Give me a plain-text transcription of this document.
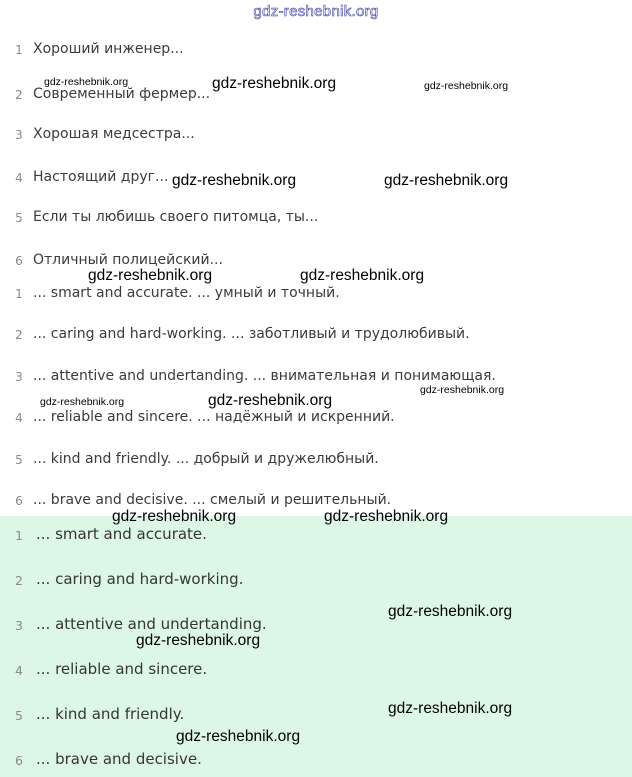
gdz-reshebnik.org
1 Хороший инженер...
2 Современный фермер...
3 Хорошая медсестра...
4 Настоящий друг...
5 Если ты любишь своего питомца, ты...
6 Отличный полицейский...
1 ... smart and accurate. ... умный и точный.
2 ... caring and hard-working. ... заботливый и трудолюбивый.
3 ... attentive and undertanding. ... внимательная и понимающая.
4 ... reliable and sincere. ... надёжный и искренний.
5 ... kind and friendly. ... добрый и дружелюбный.
6 ... brave and decisive. ... смелый и решительный.
1 ... smart and accurate.
2 ... caring and hard-working.
3 ... attentive and undertanding.
4 ... reliable and sincere.
5 ... kind and friendly.
6 ... brave and decisive.
gdz-reshebnik.org	gdz-reshebnik.org	gdz-reshebnik.org
gdz-reshebnik.org	gdz-reshebnik.org
gdz-reshebnik.org	gdz-reshebnik.org
gdz-reshebnik.org
gdz-reshebnik.org	gdz-reshebnik.org
gdz-reshebnik.org	gdz-reshebnik.org
gdz-reshebnik.org
gdz-reshebnik.org
gdz-reshebnik.org
gdz-reshebnik.org
